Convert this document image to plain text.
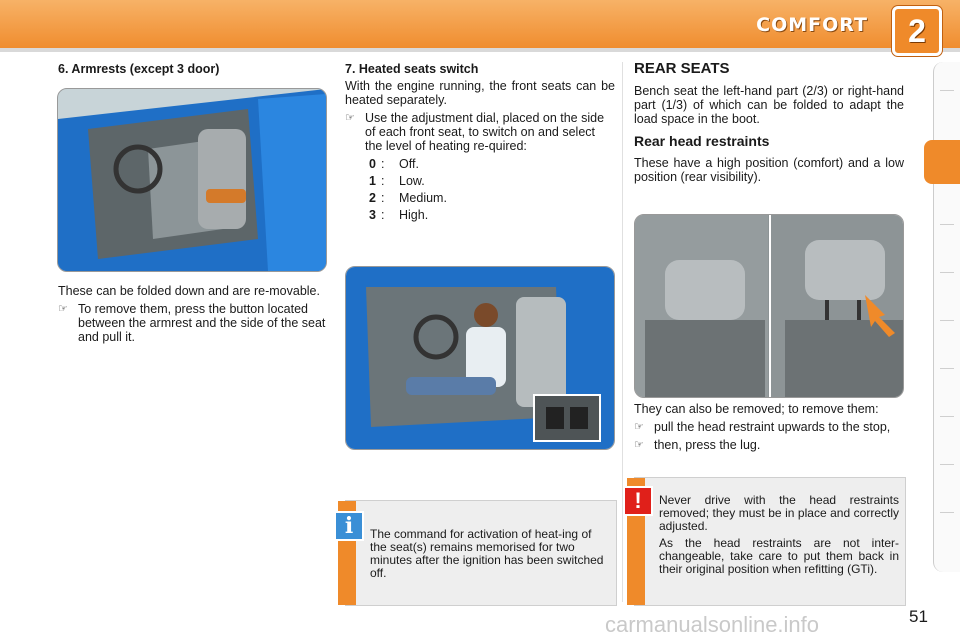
COMFORT	2
6. Armrests (except 3 door)

These can be folded down and are re-movable.

☞ To remove them, press the button located between the armrest and the side of the seat and pull it.
7. Heated seats switch

With the engine running, the front seats can be heated separately.

☞ Use the adjustment dial, placed on the side of each front seat, to switch on and select the level of heating re-quired:
0 :	Off.
1 :	Low.
2 :	Medium.
3 :	High.
REAR SEATS

Bench seat the left-hand part (2/3) or right-hand part (1/3) of which can be folded to adapt the load space in the boot.

Rear head restraints

These have a high position (comfort) and a low position (rear visibility).

They can also be removed; to remove them:

☞ pull the head restraint upwards to the stop,
☞ then, press the lug.
i	The command for activation of heat-ing of the seat(s) remains memorised for two minutes after the ignition has been switched off.
!	Never drive with the head restraints removed; they must be in place and correctly adjusted.

As the head restraints are not inter-changeable, take care to put them back in their original position when refitting (GTi).

carmanualsonline.info	51
